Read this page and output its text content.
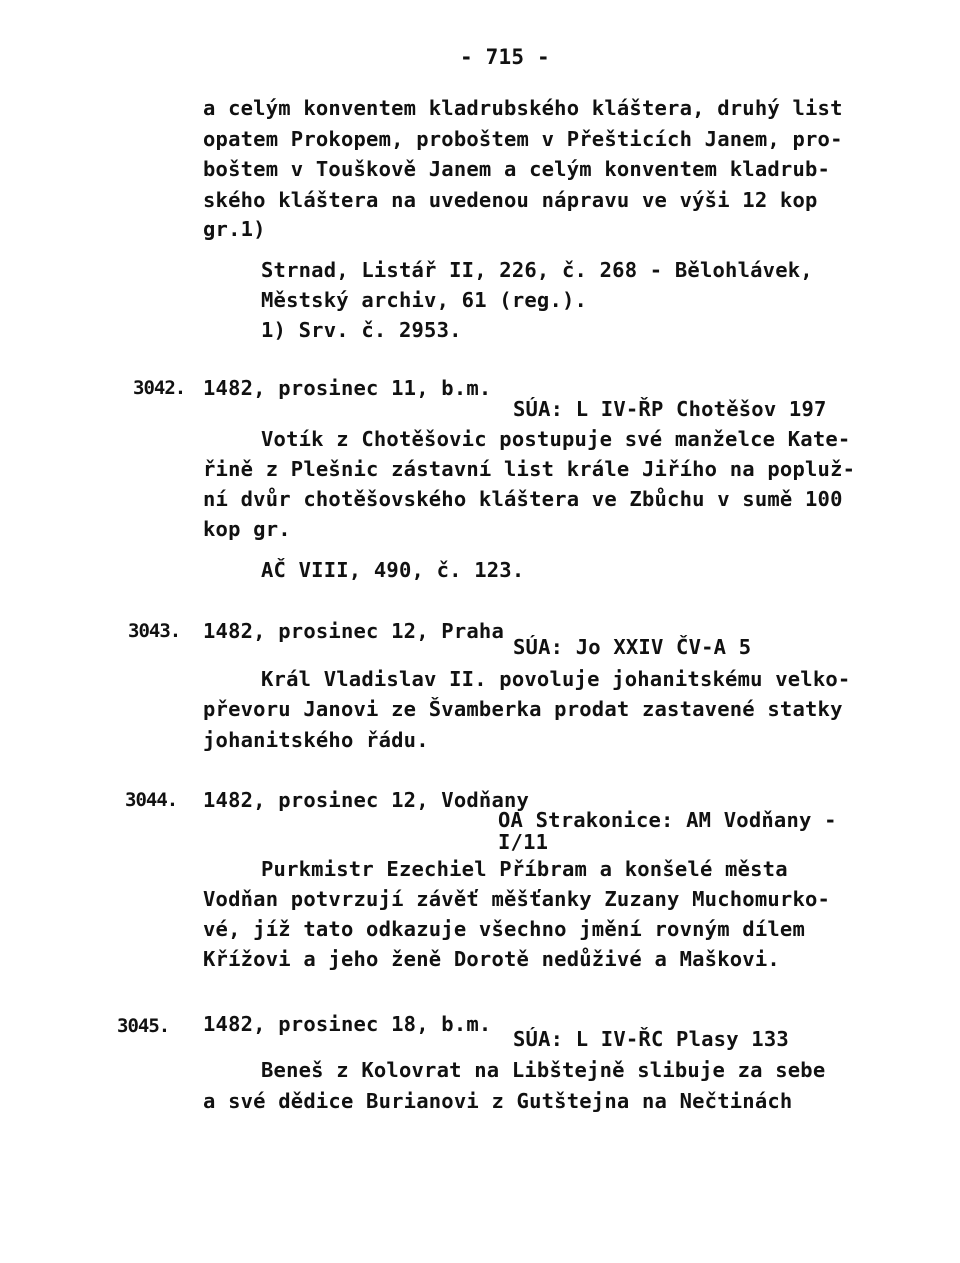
- 715 -
a celým konventem kladrubského kláštera, druhý list
opatem Prokopem, proboštem v Přešticích Janem, pro-
boštem v Touškově Janem a celým konventem kladrub-
ského kláštera na uvedenou nápravu ve výši 12 kop
gr.1)
Strnad, Listář II, 226, č. 268 - Bělohlávek,
Městský archiv, 61 (reg.).
1) Srv. č. 2953.
3042. 1482, prosinec 11, b.m.
SÚA: L IV-ŘP Chotěšov 197
Votík z Chotěšovic postupuje své manželce Kate-
řině z Plešnic zástavní list krále Jiřího na popluž-
ní dvůr chotěšovského kláštera ve Zbůchu v sumě 100
kop gr.
AČ VIII, 490, č. 123.
3043. 1482, prosinec 12, Praha
SÚA: Jo XXIV ČV-A 5
Král Vladislav II. povoluje johanitskému velko-
převoru Janovi ze Švamberka prodat zastavené statky
johanitského řádu.
3044. 1482, prosinec 12, Vodňany
OA Strakonice: AM Vodňany -
I/11
Purkmistr Ezechiel Příbram a konšelé města
Vodňan potvrzují závěť měšťanky Zuzany Muchomurko-
vé, jíž tato odkazuje všechno jmění rovným dílem
Křížovi a jeho ženě Dorotě nedůživé a Maškovi.
3045. 1482, prosinec 18, b.m.
SÚA: L IV-ŘC Plasy 133
Beneš z Kolovrat na Libštejně slibuje za sebe
a své dědice Burianovi z Gutštejna na Nečtinách
